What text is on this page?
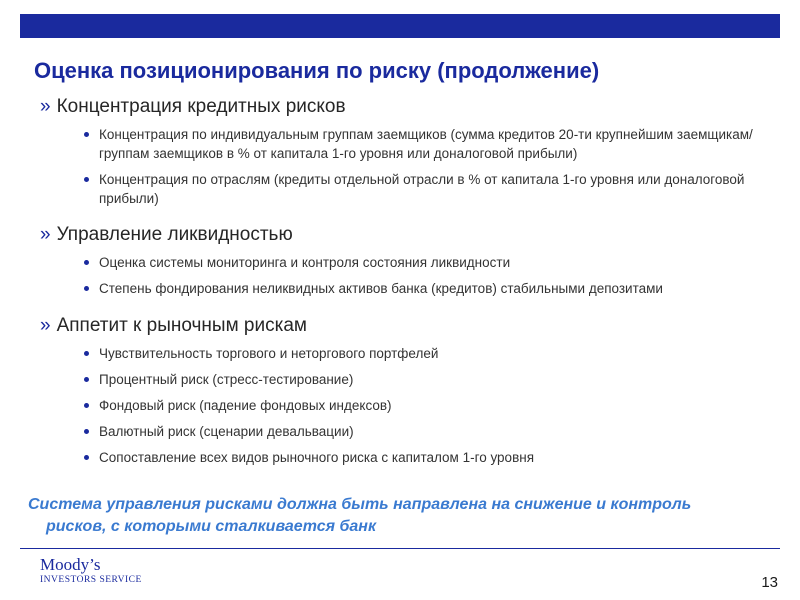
Оценка позиционирования по риску (продолжение)
» Концентрация кредитных рисков
Концентрация по индивидуальным группам заемщиков (сумма кредитов 20-ти крупнейшим заемщикам/группам заемщиков в % от капитала 1-го уровня или доналоговой прибыли)
Концентрация по отраслям (кредиты отдельной отрасли в % от капитала 1-го уровня или доналоговой прибыли)
» Управление ликвидностью
Оценка системы мониторинга и контроля состояния ликвидности
Степень фондирования неликвидных активов банка (кредитов) стабильными депозитами
» Аппетит к рыночным рискам
Чувствительность торгового и неторгового портфелей
Процентный риск (стресс-тестирование)
Фондовый риск (падение фондовых индексов)
Валютный риск (сценарии девальвации)
Сопоставление всех видов рыночного риска с капиталом 1-го уровня

Система управления рисками должна быть направлена на снижение и контроль
рисков, с которыми сталкивается банк

Moody’s
INVESTORS SERVICE	13
